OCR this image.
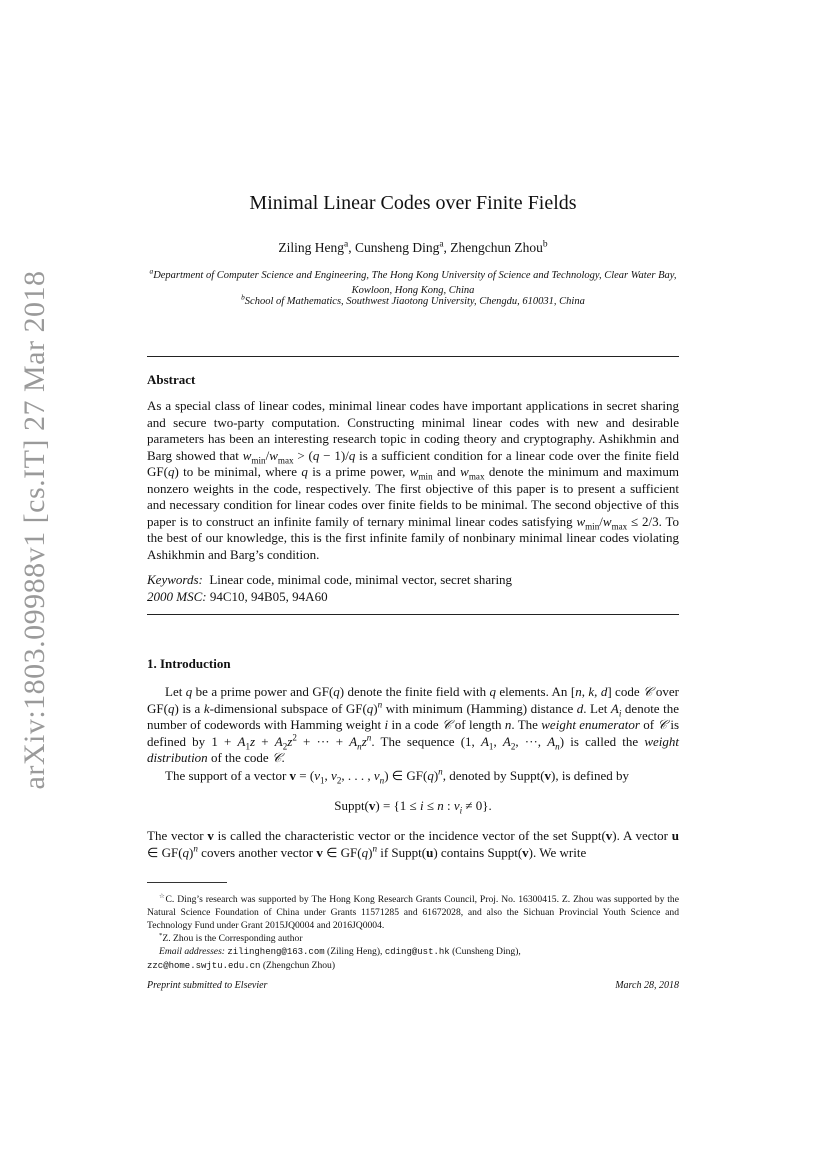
arXiv:1803.09988v1 [cs.IT] 27 Mar 2018
Minimal Linear Codes over Finite Fields
Ziling Heng$^a$, Cunsheng Ding$^a$, Zhengchun Zhou$^b$
$^a$Department of Computer Science and Engineering, The Hong Kong University of Science and Technology, Clear Water Bay, Kowloon, Hong Kong, China
$^b$School of Mathematics, Southwest Jiaotong University, Chengdu, 610031, China
Abstract
As a special class of linear codes, minimal linear codes have important applications in secret sharing and secure two-party computation. Constructing minimal linear codes with new and desirable parameters has been an interesting research topic in coding theory and cryptography. Ashikhmin and Barg showed that $w_{min}/w_{max} > (q - 1)/q$ is a sufficient condition for a linear code over the finite field GF(q) to be minimal, where q is a prime power, $w_{min}$ and $w_{max}$ denote the minimum and maximum nonzero weights in the code, respectively. The first objective of this paper is to present a sufficient and necessary condition for linear codes over finite fields to be minimal. The second objective of this paper is to construct an infinite family of ternary minimal linear codes satisfying $w_{min}/w_{max} \le 2/3$. To the best of our knowledge, this is the first infinite family of nonbinary minimal linear codes violating Ashikhmin and Barg’s condition.
Keywords: Linear code, minimal code, minimal vector, secret sharing
2000 MSC: 94C10, 94B05, 94A60
1. Introduction
Let q be a prime power and GF(q) denote the finite field with q elements. An [n, k, d] code 𝒞 over GF(q) is a k-dimensional subspace of $GF(q)^n$ with minimum (Hamming) distance d. Let $A_i$ denote the number of codewords with Hamming weight i in a code 𝒞 of length n. The weight enumerator of 𝒞 is defined by $1 + A_1z + A_2z^2$ + ··· + $A_nz^n$. The sequence (1, $A_1$, $A_2$, ···, $A_n$) is called the weight distribution of the code 𝒞.
The support of a vector $v = (v_1$, $v_2$, . . . , $v_n$) ∈ $GF(q)^n$, denoted by Suppt(v), is defined by
Suppt(v) = {1 ≤ i ≤ n : $v_i \ne 0$}.
The vector v is called the characteristic vector or the incidence vector of the set Suppt(v). A vector u ∈ $GF(q)^n$ covers another vector v ∈ $GF(q)^n$ if Suppt(u) contains Suppt(v). We write
☆C. Ding’s research was supported by The Hong Kong Research Grants Council, Proj. No. 16300415. Z. Zhou was supported by the Natural Science Foundation of China under Grants 11571285 and 61672028, and also the Sichuan Provincial Youth Science and Technology Fund under Grant 2015JQ0004 and 2016JQ0004.
*Z. Zhou is the Corresponding author
Email addresses: zilingheng@163.com (Ziling Heng), cding@ust.hk (Cunsheng Ding),
zzc@home.swjtu.edu.cn (Zhengchun Zhou)
Preprint submitted to Elsevier	March 28, 2018
